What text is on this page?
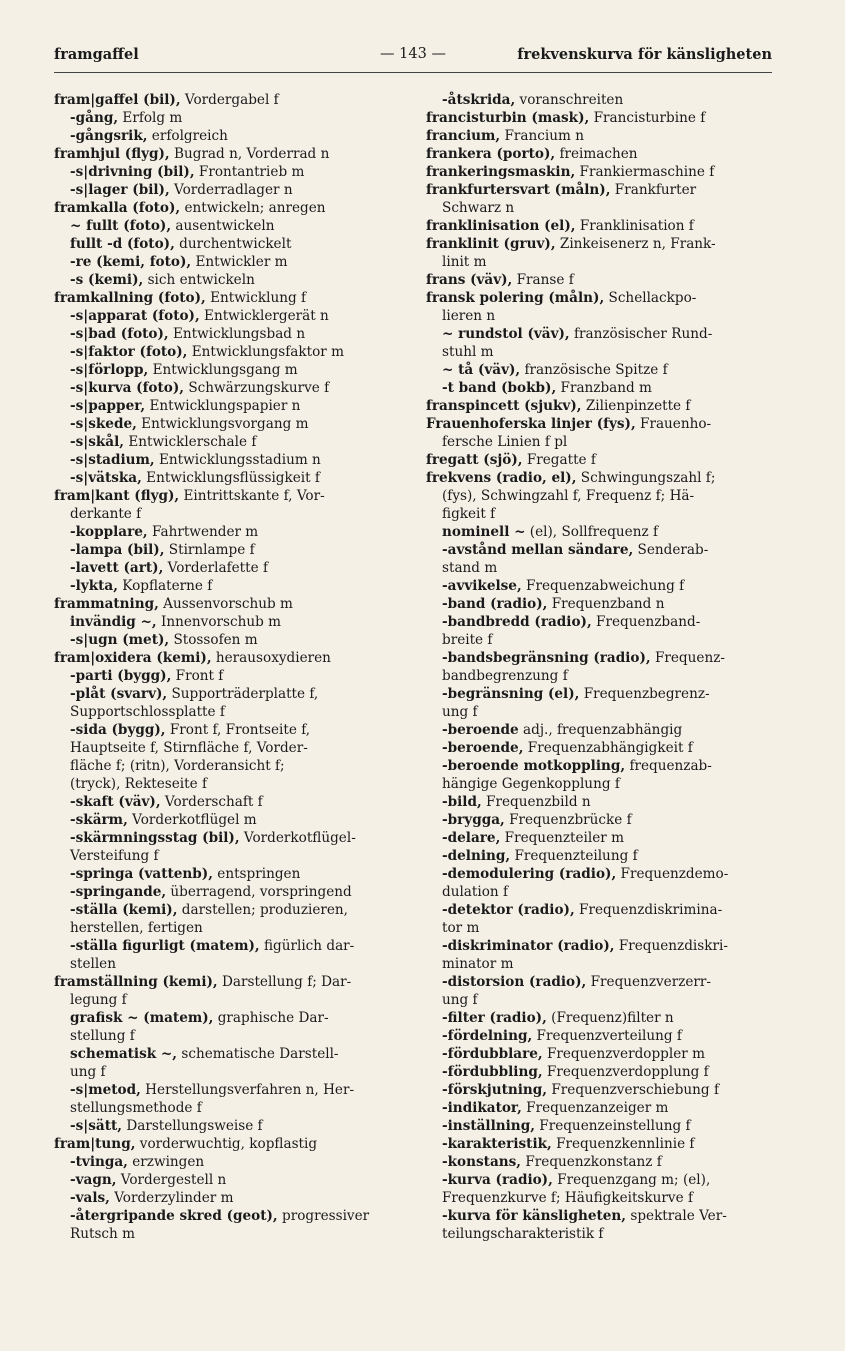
framgaffel	— 143 —	frekvenskurva för känsligheten
fram|gaffel (bil), Vordergabel f
-gång, Erfolg m
-gångsrik, erfolgreich
framhjul (flyg), Bugrad n, Vorderrad n
-s|drivning (bil), Frontantrieb m
-s|lager (bil), Vorderradlager n
framkalla (foto), entwickeln; anregen
~ fullt (foto), ausentwickeln
fullt -d (foto), durchentwickelt
-re (kemi, foto), Entwickler m
-s (kemi), sich entwickeln
framkallning (foto), Entwicklung f
-s|apparat (foto), Entwicklergerät n
-s|bad (foto), Entwicklungsbad n
-s|faktor (foto), Entwicklungsfaktor m
-s|förlopp, Entwicklungsgang m
-s|kurva (foto), Schwärzungskurve f
-s|papper, Entwicklungspapier n
-s|skede, Entwicklungsvorgang m
-s|skål, Entwicklerschale f
-s|stadium, Entwicklungsstadium n
-s|vätska, Entwicklungsflüssigkeit f
fram|kant (flyg), Eintrittskante f, Vor-
derkante f
-kopplare, Fahrtwender m
-lampa (bil), Stirnlampe f
-lavett (art), Vorderlafette f
-lykta, Kopflaterne f
frammatning, Aussenvorschub m
invändig ~, Innenvorschub m
-s|ugn (met), Stossofen m
fram|oxidera (kemi), herausoxydieren
-parti (bygg), Front f
-plåt (svarv), Supporträderplatte f,
Supportschlossplatte f
-sida (bygg), Front f, Frontseite f,
Hauptseite f, Stirnfläche f, Vorder-
fläche f; (ritn), Vorderansicht f;
(tryck), Rekteseite f
-skaft (väv), Vorderschaft f
-skärm, Vorderkotflügel m
-skärmningsstag (bil), Vorderkotflügel-
Versteifung f
-springa (vattenb), entspringen
-springande, überragend, vorspringend
-ställa (kemi), darstellen; produzieren,
herstellen, fertigen
-ställa figurligt (matem), figürlich dar-
stellen
framställning (kemi), Darstellung f; Dar-
legung f
grafisk ~ (matem), graphische Dar-
stellung f
schematisk ~, schematische Darstell-
ung f
-s|metod, Herstellungsverfahren n, Her-
stellungsmethode f
-s|sätt, Darstellungsweise f
fram|tung, vorderwuchtig, kopflastig
-tvinga, erzwingen
-vagn, Vordergestell n
-vals, Vorderzylinder m
-återgripande skred (geot), progressiver
Rutsch m
-åtskrida, voranschreiten
francisturbin (mask), Francisturbine f
francium, Francium n
frankera (porto), freimachen
frankeringsmaskin, Frankiermaschine f
frankfurtersvart (måln), Frankfurter
Schwarz n
franklinisation (el), Franklinisation f
franklinit (gruv), Zinkeisenerz n, Frank-
linit m
frans (väv), Franse f
fransk polering (måln), Schellackpo-
lieren n
~ rundstol (väv), französischer Rund-
stuhl m
~ tå (väv), französische Spitze f
-t band (bokb), Franzband m
franspincett (sjukv), Zilienpinzette f
Frauenhoferska linjer (fys), Frauenho-
fersche Linien f pl
fregatt (sjö), Fregatte f
frekvens (radio, el), Schwingungszahl f;
(fys), Schwingzahl f, Frequenz f; Hä-
figkeit f
nominell ~ (el), Sollfrequenz f
-avstånd mellan sändare, Senderab-
stand m
-avvikelse, Frequenzabweichung f
-band (radio), Frequenzband n
-bandbredd (radio), Frequenzband-
breite f
-bandsbegränsning (radio), Frequenz-
bandbegrenzung f
-begränsning (el), Frequenzbegrenz-
ung f
-beroende adj., frequenzabhängig
-beroende, Frequenzabhängigkeit f
-beroende motkoppling, frequenzab-
hängige Gegenkopplung f
-bild, Frequenzbild n
-brygga, Frequenzbrücke f
-delare, Frequenzteiler m
-delning, Frequenzteilung f
-demodulering (radio), Frequenzdemo-
dulation f
-detektor (radio), Frequenzdiskrimina-
tor m
-diskriminator (radio), Frequenzdiskri-
minator m
-distorsion (radio), Frequenzverzerr-
ung f
-filter (radio), (Frequenz)filter n
-fördelning, Frequenzverteilung f
-fördubblare, Frequenzverdoppler m
-fördubbling, Frequenzverdopplung f
-förskjutning, Frequenzverschiebung f
-indikator, Frequenzanzeiger m
-inställning, Frequenzeinstellung f
-karakteristik, Frequenzkennlinie f
-konstans, Frequenzkonstanz f
-kurva (radio), Frequenzgang m; (el),
Frequenzkurve f; Häufigkeitskurve f
-kurva för känsligheten, spektrale Ver-
teilungscharakteristik f
